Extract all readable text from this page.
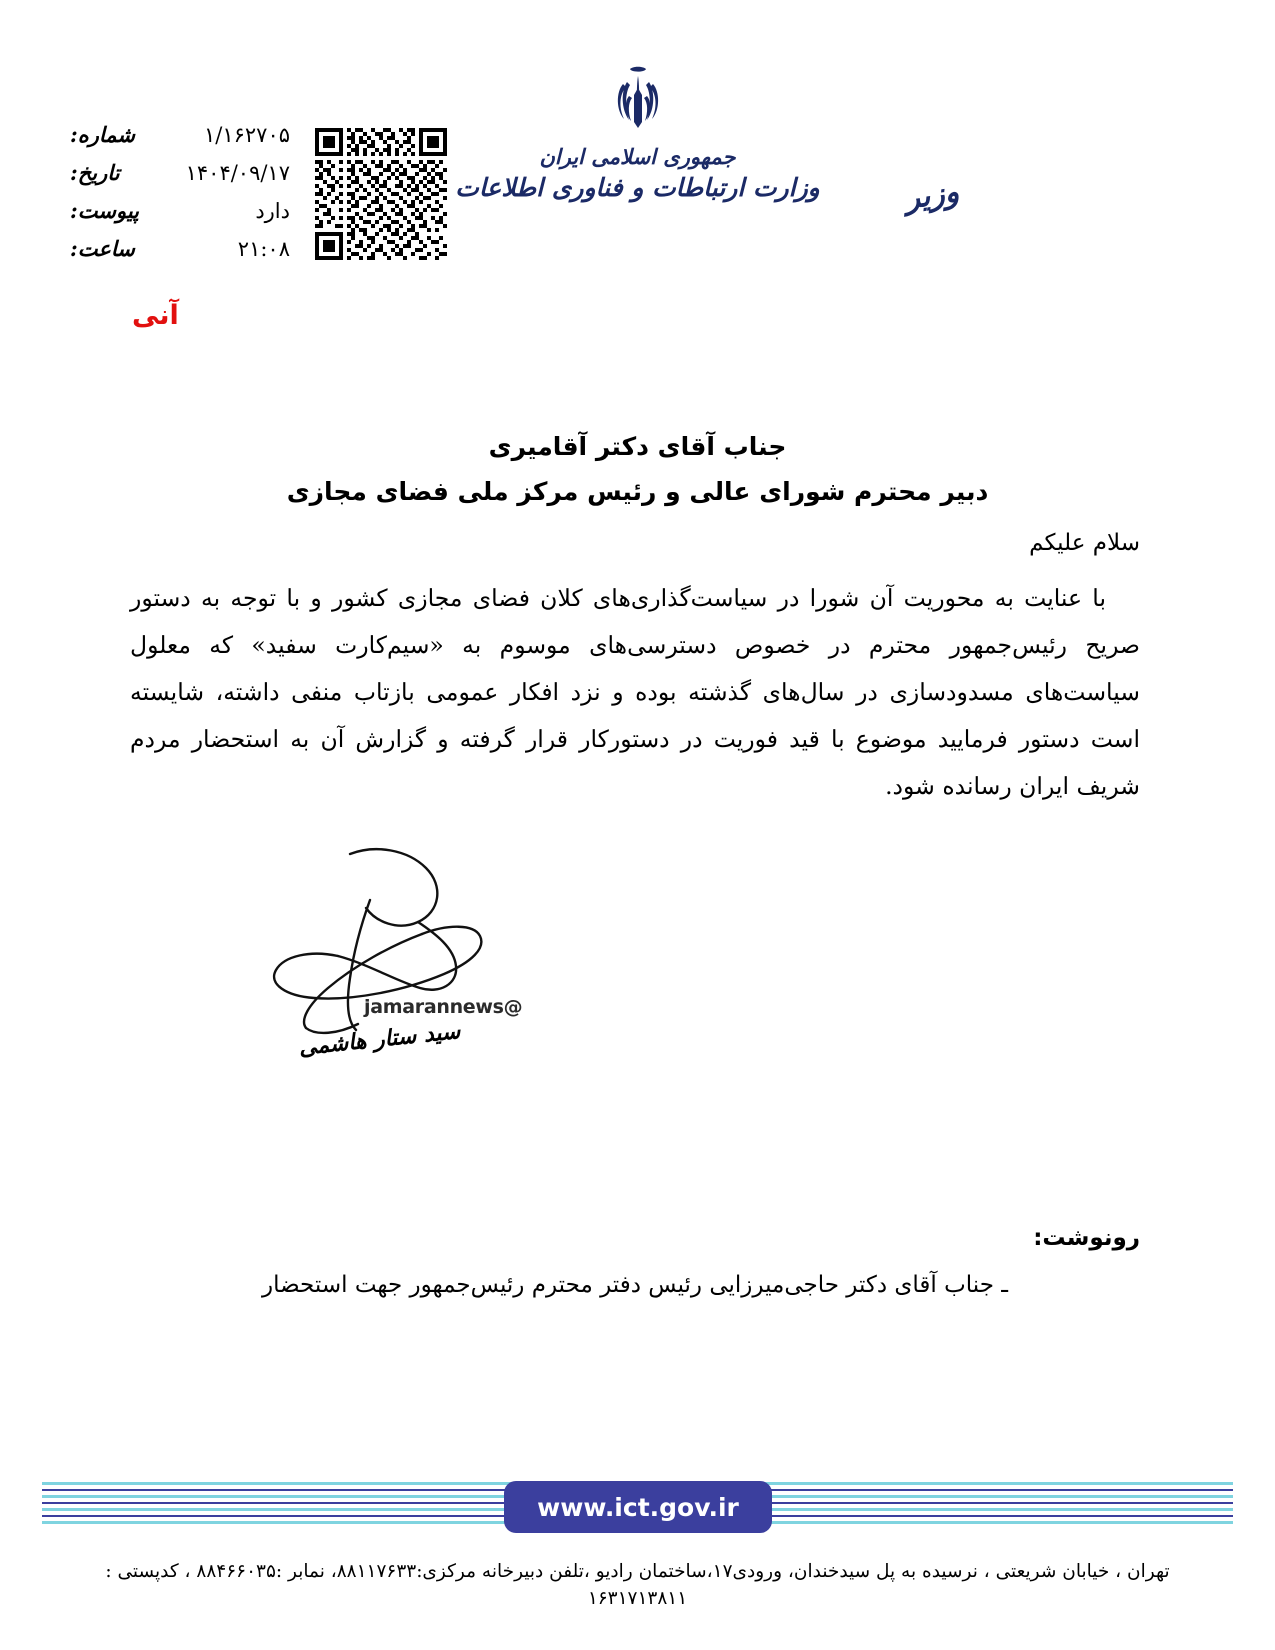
شماره:	۱/۱۶۲۷۰۵
تاریخ:	۱۴۰۴/۰۹/۱۷
پیوست:	دارد
ساعت:	۲۱:۰۸
جمهوری اسلامی ایران
وزارت ارتباطات و فناوری اطلاعات	وزیر
آنی
جناب آقای دکتر آقامیری
دبیر محترم شورای عالی و رئیس مرکز ملی فضای مجازی
سلام علیکم
با عنایت به محوریت آن شورا در سیاست‌گذاری‌های کلان فضای مجازی کشور و با توجه به دستور صریح رئیس‌جمهور محترم در خصوص دسترسی‌های موسوم به «سیم‌کارت سفید» که معلول سیاست‌های مسدودسازی در سال‌های گذشته بوده و نزد افکار عمومی بازتاب منفی داشته، شایسته است دستور فرمایید موضوع با قید فوریت در دستورکار قرار گرفته و گزارش آن به استحضار مردم شریف ایران رسانده شود.
@jamarannews
سید ستار هاشمی
رونوشت:
ـ جناب آقای دکتر حاجی‌میرزایی رئیس دفتر محترم رئیس‌جمهور جهت استحضار
www.ict.gov.ir
تهران ، خیابان شریعتی ، نرسیده به پل سیدخندان، ورودی۱۷،ساختمان رادیو ،تلفن دبیرخانه مرکزی:۸۸۱۱۷۶۳۳، نمابر :۸۸۴۶۶۰۳۵ ، کدپستی :
۱۶۳۱۷۱۳۸۱۱
